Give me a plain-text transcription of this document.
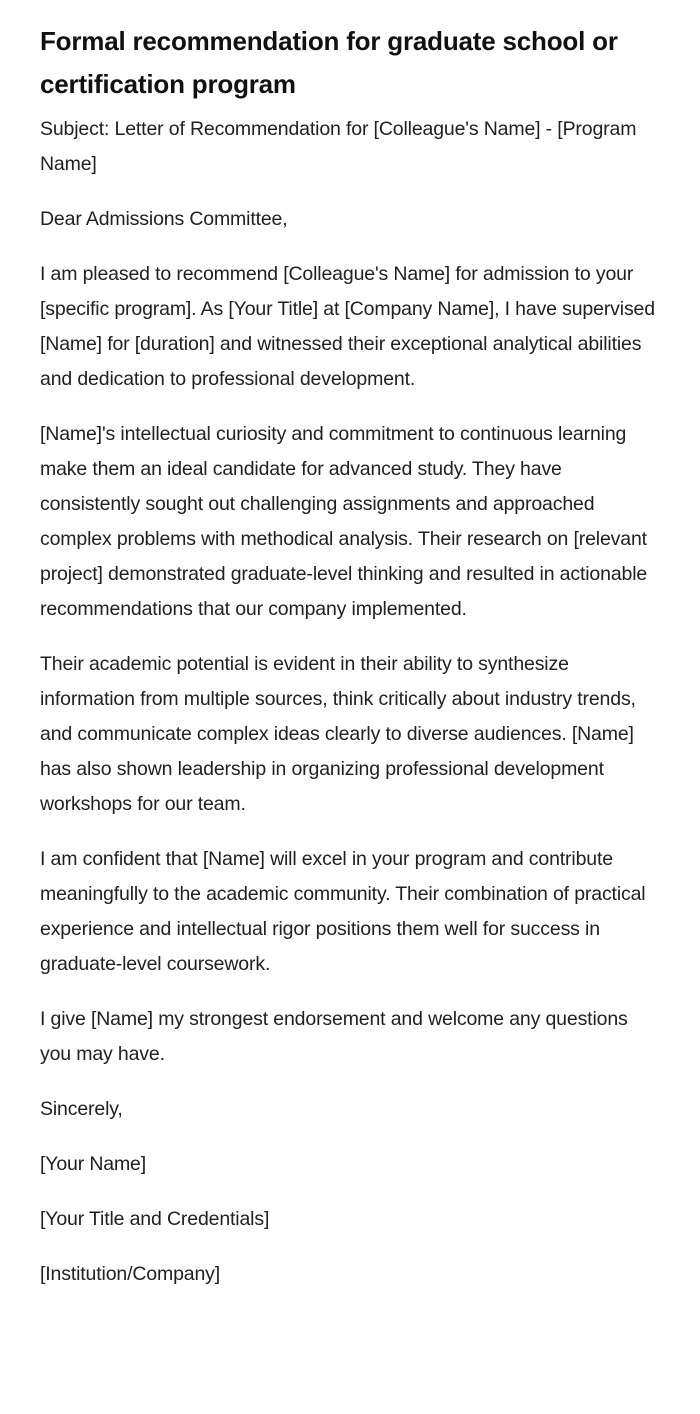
Formal recommendation for graduate school or certification program

Subject: Letter of Recommendation for [Colleague's Name] - [Program Name]

Dear Admissions Committee,

I am pleased to recommend [Colleague's Name] for admission to your [specific program]. As [Your Title] at [Company Name], I have supervised [Name] for [duration] and witnessed their exceptional analytical abilities and dedication to professional development.

[Name]'s intellectual curiosity and commitment to continuous learning make them an ideal candidate for advanced study. They have consistently sought out challenging assignments and approached complex problems with methodical analysis. Their research on [relevant project] demonstrated graduate-level thinking and resulted in actionable recommendations that our company implemented.

Their academic potential is evident in their ability to synthesize information from multiple sources, think critically about industry trends, and communicate complex ideas clearly to diverse audiences. [Name] has also shown leadership in organizing professional development workshops for our team.

I am confident that [Name] will excel in your program and contribute meaningfully to the academic community. Their combination of practical experience and intellectual rigor positions them well for success in graduate-level coursework.

I give [Name] my strongest endorsement and welcome any questions you may have.

Sincerely,

[Your Name]

[Your Title and Credentials]

[Institution/Company]
